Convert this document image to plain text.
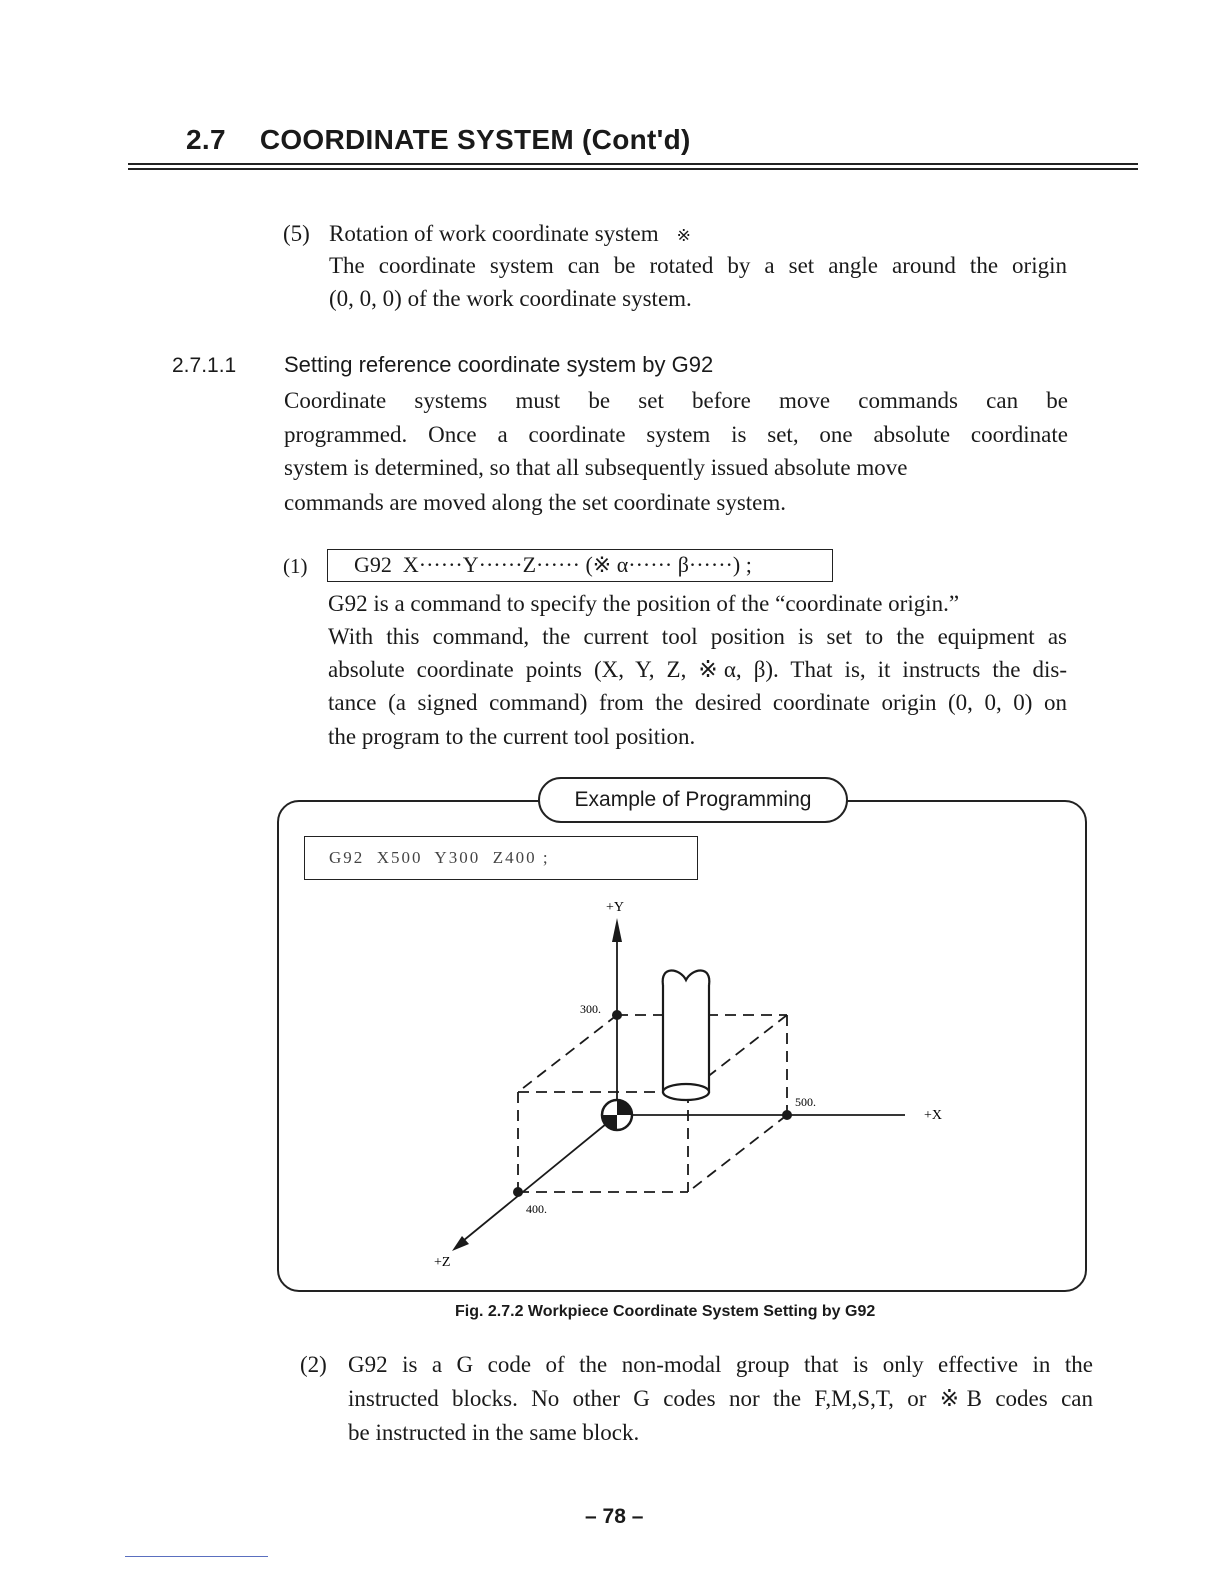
2.7 COORDINATE SYSTEM (Cont'd)
(5) Rotation of work coordinate system ※
The coordinate system can be rotated by a set angle around the origin
(0, 0, 0) of the work coordinate system.
2.7.1.1 Setting reference coordinate system by G92
Coordinate systems must be set before move commands can be
programmed. Once a coordinate system is set, one absolute coordinate
system is determined, so that all subsequently issued absolute move
commands are moved along the set coordinate system.
(1)	G92  X······Y······Z······ (※ α······ β······) ;
G92 is a command to specify the position of the “coordinate origin.”
With this command, the current tool position is set to the equipment as
absolute coordinate points (X, Y, Z, ※α, β). That is, it instructs the dis-
tance (a signed command) from the desired coordinate origin (0, 0, 0) on
the program to the current tool position.
Example of Programming
G92  X500  Y300  Z400 ;
+Y
+X
+Z
300.
500.
400.
Fig. 2.7.2 Workpiece Coordinate System Setting by G92
(2) G92 is a G code of the non-modal group that is only effective in the
instructed blocks. No other G codes nor the F,M,S,T, or ※B codes can
be instructed in the same block.
– 78 –
